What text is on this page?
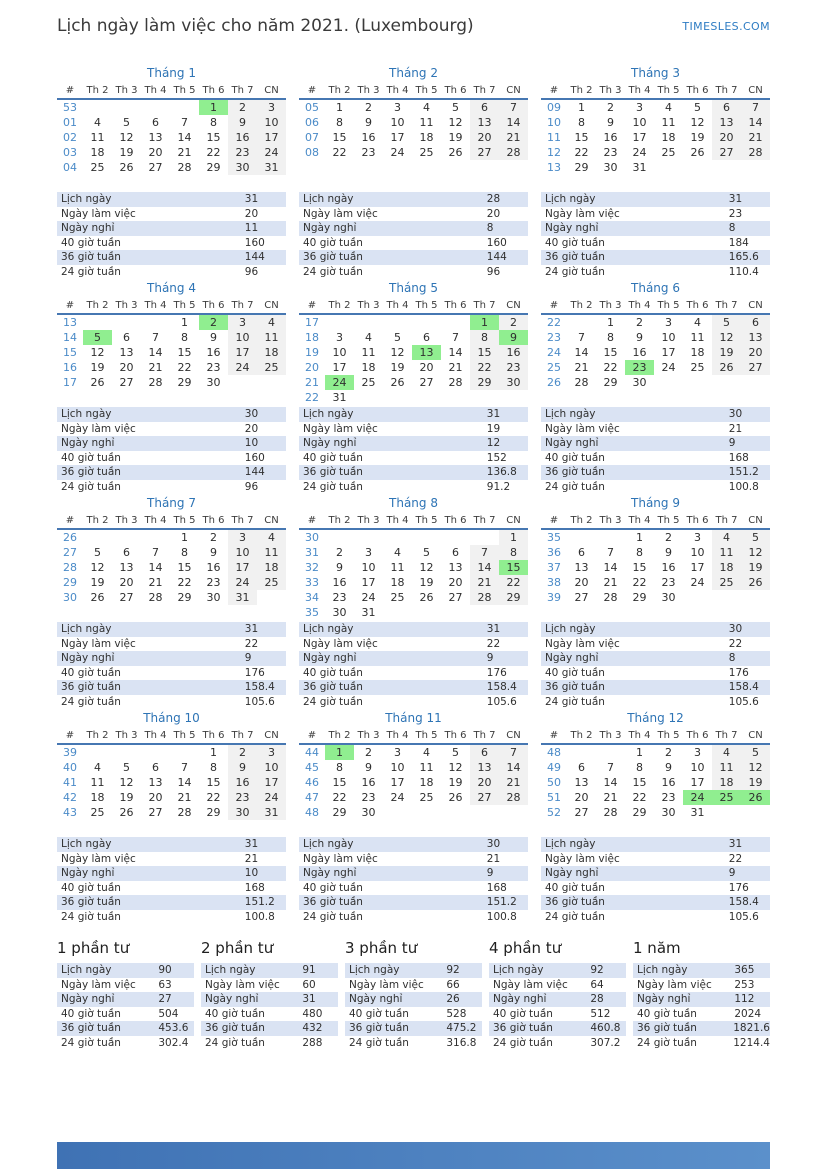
Lịch ngày làm việc cho năm 2021. (Luxembourg)	TIMESLES.COM
Tháng 1
#	Th 2	Th 3	Th 4	Th 5	Th 6	Th 7	CN
53					1	2	3
01	4	5	6	7	8	9	10
02	11	12	13	14	15	16	17
03	18	19	20	21	22	23	24
04	25	26	27	28	29	30	31
Lịch ngày	31
Ngày làm việc	20
Ngày nghỉ	11
40 giờ tuần	160
36 giờ tuần	144
24 giờ tuần	96
Tháng 2
#	Th 2	Th 3	Th 4	Th 5	Th 6	Th 7	CN
05	1	2	3	4	5	6	7
06	8	9	10	11	12	13	14
07	15	16	17	18	19	20	21
08	22	23	24	25	26	27	28
Lịch ngày	28
Ngày làm việc	20
Ngày nghỉ	8
40 giờ tuần	160
36 giờ tuần	144
24 giờ tuần	96
Tháng 3
#	Th 2	Th 3	Th 4	Th 5	Th 6	Th 7	CN
09	1	2	3	4	5	6	7
10	8	9	10	11	12	13	14
11	15	16	17	18	19	20	21
12	22	23	24	25	26	27	28
13	29	30	31				
Lịch ngày	31
Ngày làm việc	23
Ngày nghỉ	8
40 giờ tuần	184
36 giờ tuần	165.6
24 giờ tuần	110.4
Tháng 4
#	Th 2	Th 3	Th 4	Th 5	Th 6	Th 7	CN
13				1	2	3	4
14	5	6	7	8	9	10	11
15	12	13	14	15	16	17	18
16	19	20	21	22	23	24	25
17	26	27	28	29	30		
Lịch ngày	30
Ngày làm việc	20
Ngày nghỉ	10
40 giờ tuần	160
36 giờ tuần	144
24 giờ tuần	96
Tháng 5
#	Th 2	Th 3	Th 4	Th 5	Th 6	Th 7	CN
17						1	2
18	3	4	5	6	7	8	9
19	10	11	12	13	14	15	16
20	17	18	19	20	21	22	23
21	24	25	26	27	28	29	30
22	31						
Lịch ngày	31
Ngày làm việc	19
Ngày nghỉ	12
40 giờ tuần	152
36 giờ tuần	136.8
24 giờ tuần	91.2
Tháng 6
#	Th 2	Th 3	Th 4	Th 5	Th 6	Th 7	CN
22		1	2	3	4	5	6
23	7	8	9	10	11	12	13
24	14	15	16	17	18	19	20
25	21	22	23	24	25	26	27
26	28	29	30				
Lịch ngày	30
Ngày làm việc	21
Ngày nghỉ	9
40 giờ tuần	168
36 giờ tuần	151.2
24 giờ tuần	100.8
Tháng 7
#	Th 2	Th 3	Th 4	Th 5	Th 6	Th 7	CN
26				1	2	3	4
27	5	6	7	8	9	10	11
28	12	13	14	15	16	17	18
29	19	20	21	22	23	24	25
30	26	27	28	29	30	31	
Lịch ngày	31
Ngày làm việc	22
Ngày nghỉ	9
40 giờ tuần	176
36 giờ tuần	158.4
24 giờ tuần	105.6
Tháng 8
#	Th 2	Th 3	Th 4	Th 5	Th 6	Th 7	CN
30							1
31	2	3	4	5	6	7	8
32	9	10	11	12	13	14	15
33	16	17	18	19	20	21	22
34	23	24	25	26	27	28	29
35	30	31					
Lịch ngày	31
Ngày làm việc	22
Ngày nghỉ	9
40 giờ tuần	176
36 giờ tuần	158.4
24 giờ tuần	105.6
Tháng 9
#	Th 2	Th 3	Th 4	Th 5	Th 6	Th 7	CN
35			1	2	3	4	5
36	6	7	8	9	10	11	12
37	13	14	15	16	17	18	19
38	20	21	22	23	24	25	26
39	27	28	29	30			
Lịch ngày	30
Ngày làm việc	22
Ngày nghỉ	8
40 giờ tuần	176
36 giờ tuần	158.4
24 giờ tuần	105.6
Tháng 10
#	Th 2	Th 3	Th 4	Th 5	Th 6	Th 7	CN
39					1	2	3
40	4	5	6	7	8	9	10
41	11	12	13	14	15	16	17
42	18	19	20	21	22	23	24
43	25	26	27	28	29	30	31
Lịch ngày	31
Ngày làm việc	21
Ngày nghỉ	10
40 giờ tuần	168
36 giờ tuần	151.2
24 giờ tuần	100.8
Tháng 11
#	Th 2	Th 3	Th 4	Th 5	Th 6	Th 7	CN
44	1	2	3	4	5	6	7
45	8	9	10	11	12	13	14
46	15	16	17	18	19	20	21
47	22	23	24	25	26	27	28
48	29	30					
Lịch ngày	30
Ngày làm việc	21
Ngày nghỉ	9
40 giờ tuần	168
36 giờ tuần	151.2
24 giờ tuần	100.8
Tháng 12
#	Th 2	Th 3	Th 4	Th 5	Th 6	Th 7	CN
48			1	2	3	4	5
49	6	7	8	9	10	11	12
50	13	14	15	16	17	18	19
51	20	21	22	23	24	25	26
52	27	28	29	30	31		
Lịch ngày	31
Ngày làm việc	22
Ngày nghỉ	9
40 giờ tuần	176
36 giờ tuần	158.4
24 giờ tuần	105.6
1 phần tư
Lịch ngày	90
Ngày làm việc	63
Ngày nghỉ	27
40 giờ tuần	504
36 giờ tuần	453.6
24 giờ tuần	302.4
2 phần tư
Lịch ngày	91
Ngày làm việc	60
Ngày nghỉ	31
40 giờ tuần	480
36 giờ tuần	432
24 giờ tuần	288
3 phần tư
Lịch ngày	92
Ngày làm việc	66
Ngày nghỉ	26
40 giờ tuần	528
36 giờ tuần	475.2
24 giờ tuần	316.8
4 phần tư
Lịch ngày	92
Ngày làm việc	64
Ngày nghỉ	28
40 giờ tuần	512
36 giờ tuần	460.8
24 giờ tuần	307.2
1 năm
Lịch ngày	365
Ngày làm việc	253
Ngày nghỉ	112
40 giờ tuần	2024
36 giờ tuần	1821.6
24 giờ tuần	1214.4
